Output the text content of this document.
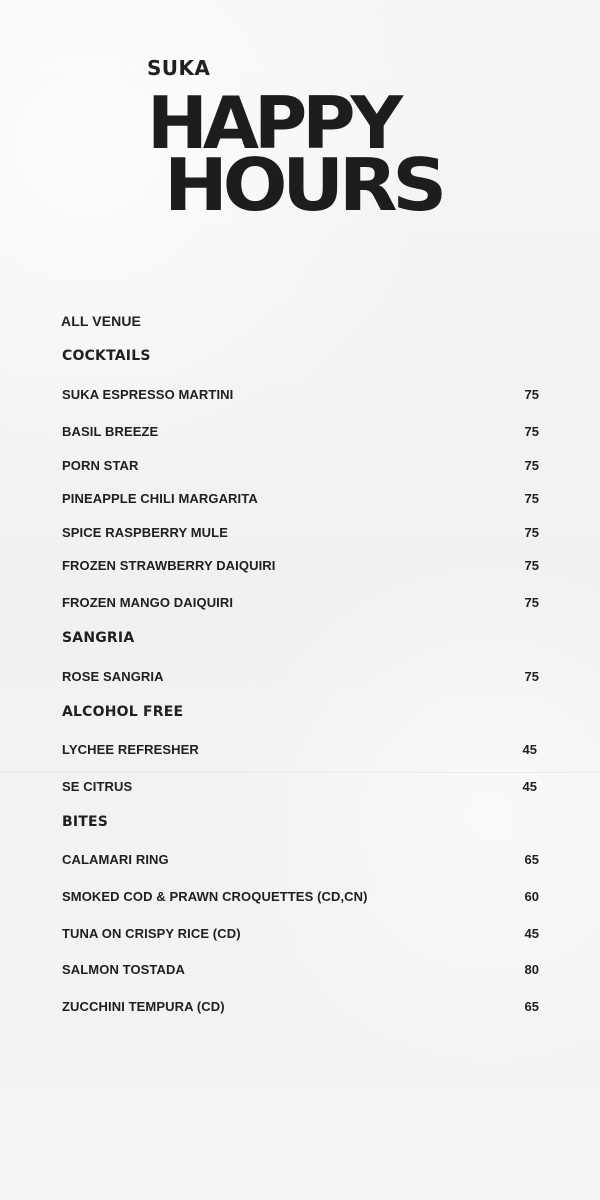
SUKA
HAPPY
HOURS
ALL VENUE
COCKTAILS
SUKA ESPRESSO MARTINI	75
BASIL BREEZE	75
PORN STAR	75
PINEAPPLE CHILI MARGARITA	75
SPICE RASPBERRY MULE	75
FROZEN STRAWBERRY DAIQUIRI	75
FROZEN MANGO DAIQUIRI	75
SANGRIA
ROSE SANGRIA	75
ALCOHOL FREE
LYCHEE REFRESHER	45
SE CITRUS	45
BITES
CALAMARI RING	65
SMOKED COD & PRAWN CROQUETTES (CD,CN)	60
TUNA ON CRISPY RICE (CD)	45
SALMON TOSTADA	80
ZUCCHINI TEMPURA (CD)	65
